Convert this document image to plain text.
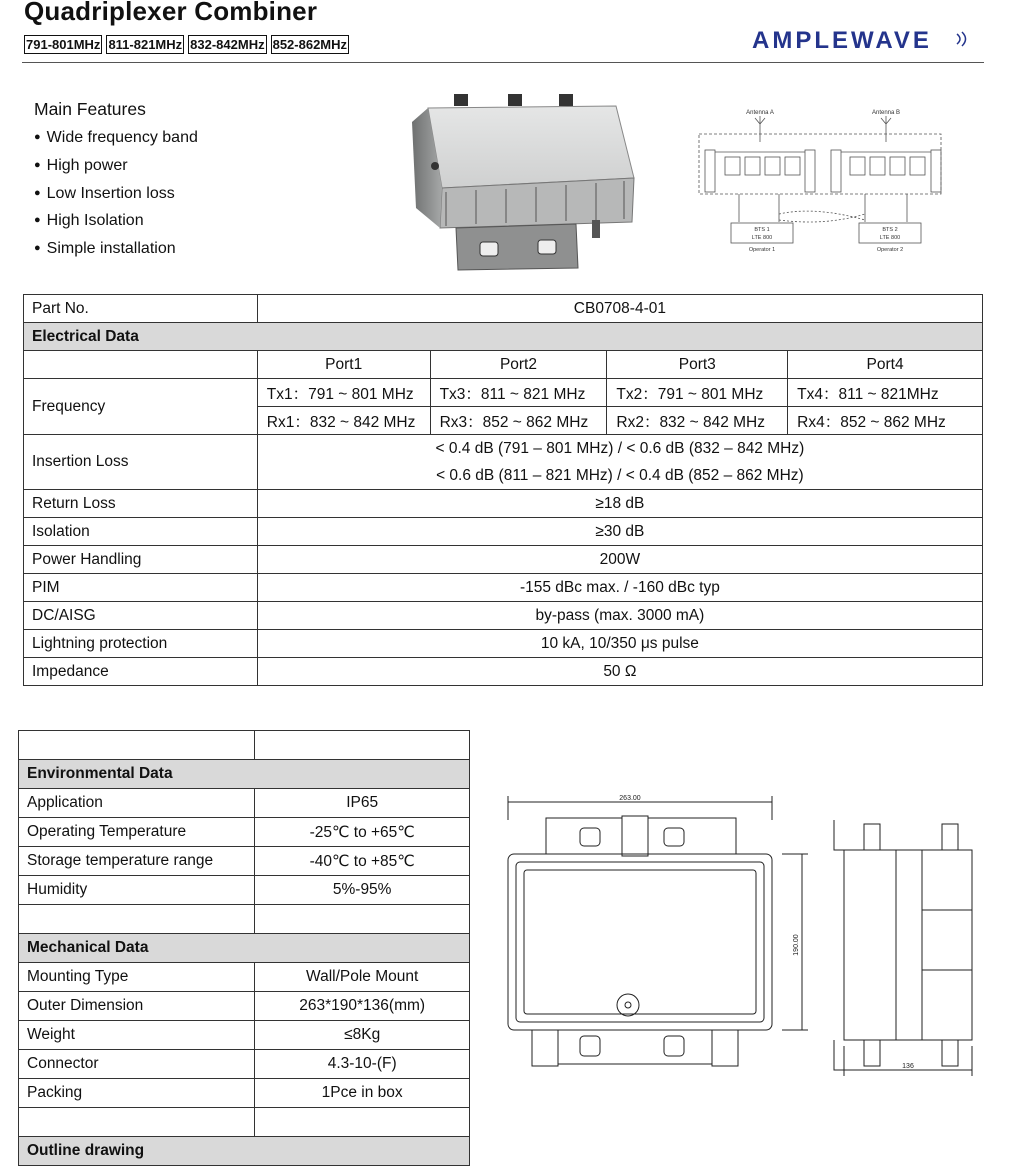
Quadriplexer Combiner
791-801MHz 811-821MHz 832-842MHz 852-862MHz	AMPLEWAVE
Main Features
● Wide frequency band
● High power
● Low Insertion loss
● High Isolation
● Simple installation
Antenna A	Antenna B
BTS 1
LTE 800
Operator 1
BTS 2
LTE 800
Operator 2
Part No.	CB0708-4-01			
Electrical Data				
	Port1	Port2	Port3	Port4
Frequency	Tx1：791 ~ 801 MHz	Tx3：811 ~ 821 MHz	Tx2：791 ~ 801 MHz	Tx4：811 ~ 821MHz
	Rx1：832 ~ 842 MHz	Rx3：852 ~ 862 MHz	Rx2：832 ~ 842 MHz	Rx4：852 ~ 862 MHz
Insertion Loss	< 0.4 dB (791 – 801 MHz) / < 0.6 dB (832 – 842 MHz)			
	< 0.6 dB (811 – 821 MHz) / < 0.4 dB (852 – 862 MHz)			
Return Loss	≥18 dB			
Isolation	≥30 dB			
Power Handling	200W			
PIM	-155 dBc max. / -160 dBc typ			
DC/AISG	by-pass (max. 3000 mA)			
Lightning protection	10 kA, 10/350 μs pulse			
Impedance	50 Ω			

Environmental Data	
Application	IP65
Operating Temperature	-25℃ to +65℃
Storage temperature range	-40℃ to +85℃
Humidity	5%-95%

Mechanical Data	
Mounting Type	Wall/Pole Mount
Outer Dimension	263*190*136(mm)
Weight	≤8Kg
Connector	4.3-10-(F)
Packing	1Pce in box

Outline drawing	
263.00
190.00
136
